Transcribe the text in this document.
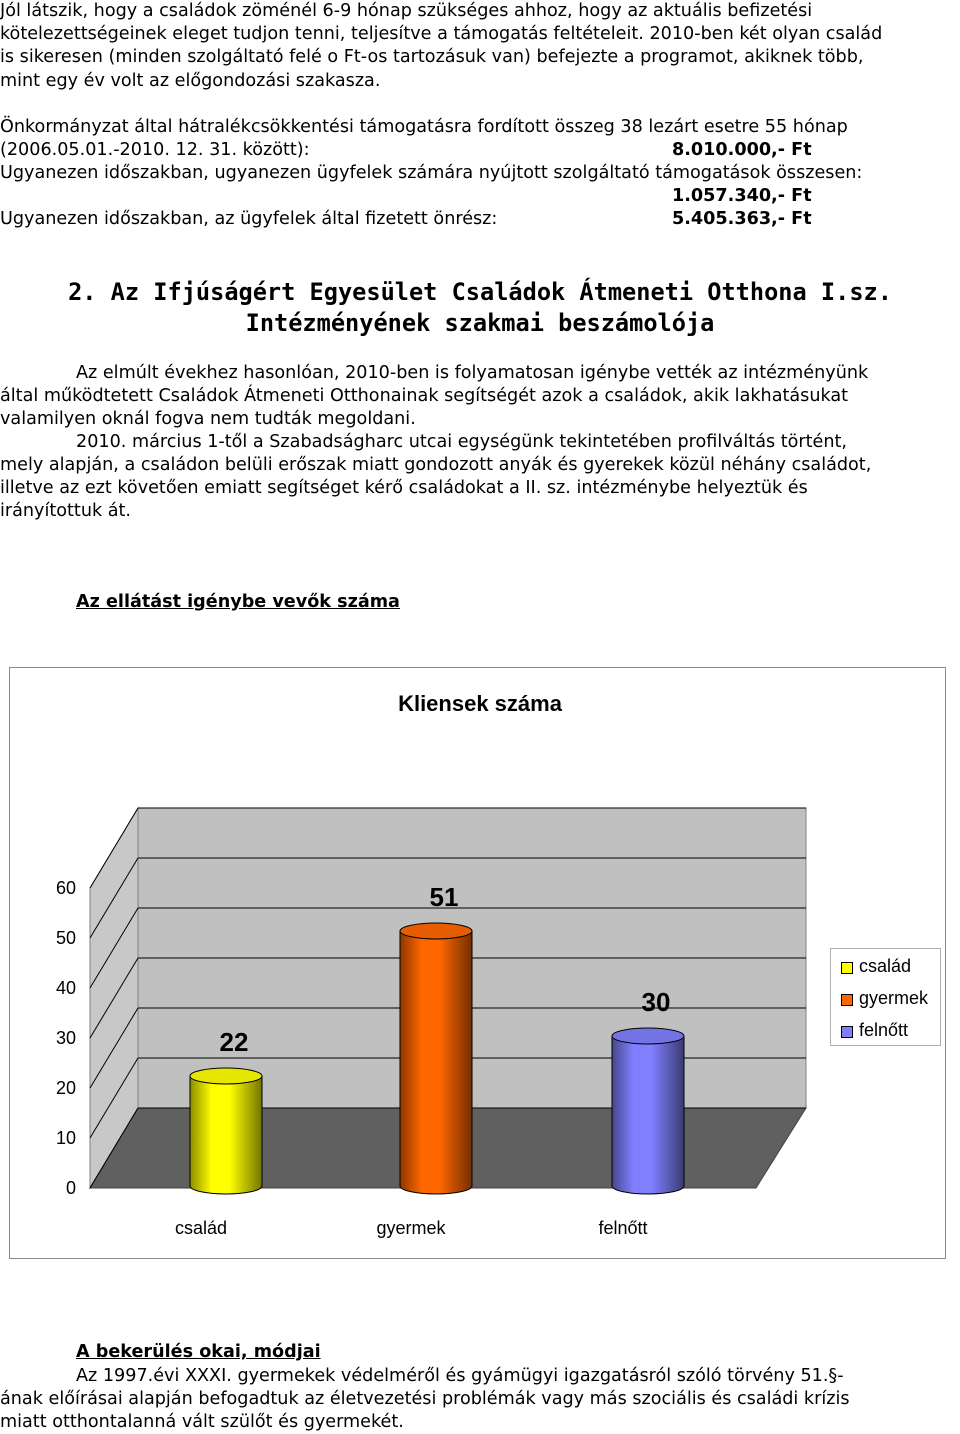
Jól látszik, hogy a családok zöménél 6-9 hónap szükséges ahhoz, hogy az aktuális befizetési

kötelezettségeinek eleget tudjon tenni, teljesítve a támogatás feltételeit. 2010-ben két olyan család

is sikeresen (minden szolgáltató felé o Ft-os tartozásuk van) befejezte a programot, akiknek több,

mint egy év volt az előgondozási szakasza.

Önkormányzat által hátralékcsökkentési támogatásra fordított összeg 38 lezárt esetre 55 hónap

(2006.05.01.-2010. 12. 31. között):	8.010.000,- Ft

Ugyanezen időszakban, ugyanezen ügyfelek számára nyújtott szolgáltató támogatások összesen:

1.057.340,- Ft
Ugyanezen időszakban, az ügyfelek által fizetett önrész:	5.405.363,- Ft
2. Az Ifjúságért Egyesület Családok Átmeneti Otthona I.sz.
Intézményének szakmai beszámolója

Az elmúlt évekhez hasonlóan, 2010-ben is folyamatosan igénybe vették az intézményünk

által működtetett Családok Átmeneti Otthonainak segítségét azok a családok, akik lakhatásukat

valamilyen oknál fogva nem tudták megoldani.

2010. március 1-től a Szabadságharc utcai egységünk tekintetében profilváltás történt,

mely alapján, a családon belüli erőszak miatt gondozott anyák és gyerekek közül néhány családot,

illetve az ezt követően emiatt segítséget kérő családokat a II. sz. intézménybe helyeztük és

irányítottuk át.
Az ellátást igénybe vevők száma
Kliensek száma
0
10
20
30
40
50
60
22
család
51
gyermek
30
felnőtt
család
gyermek
felnőtt
A bekerülés okai, módjai

Az 1997.évi XXXI. gyermekek védelméről és gyámügyi igazgatásról szóló törvény 51.§-

ának előírásai alapján befogadtuk az életvezetési problémák vagy más szociális és családi krízis

miatt otthontalanná vált szülőt és gyermekét.
